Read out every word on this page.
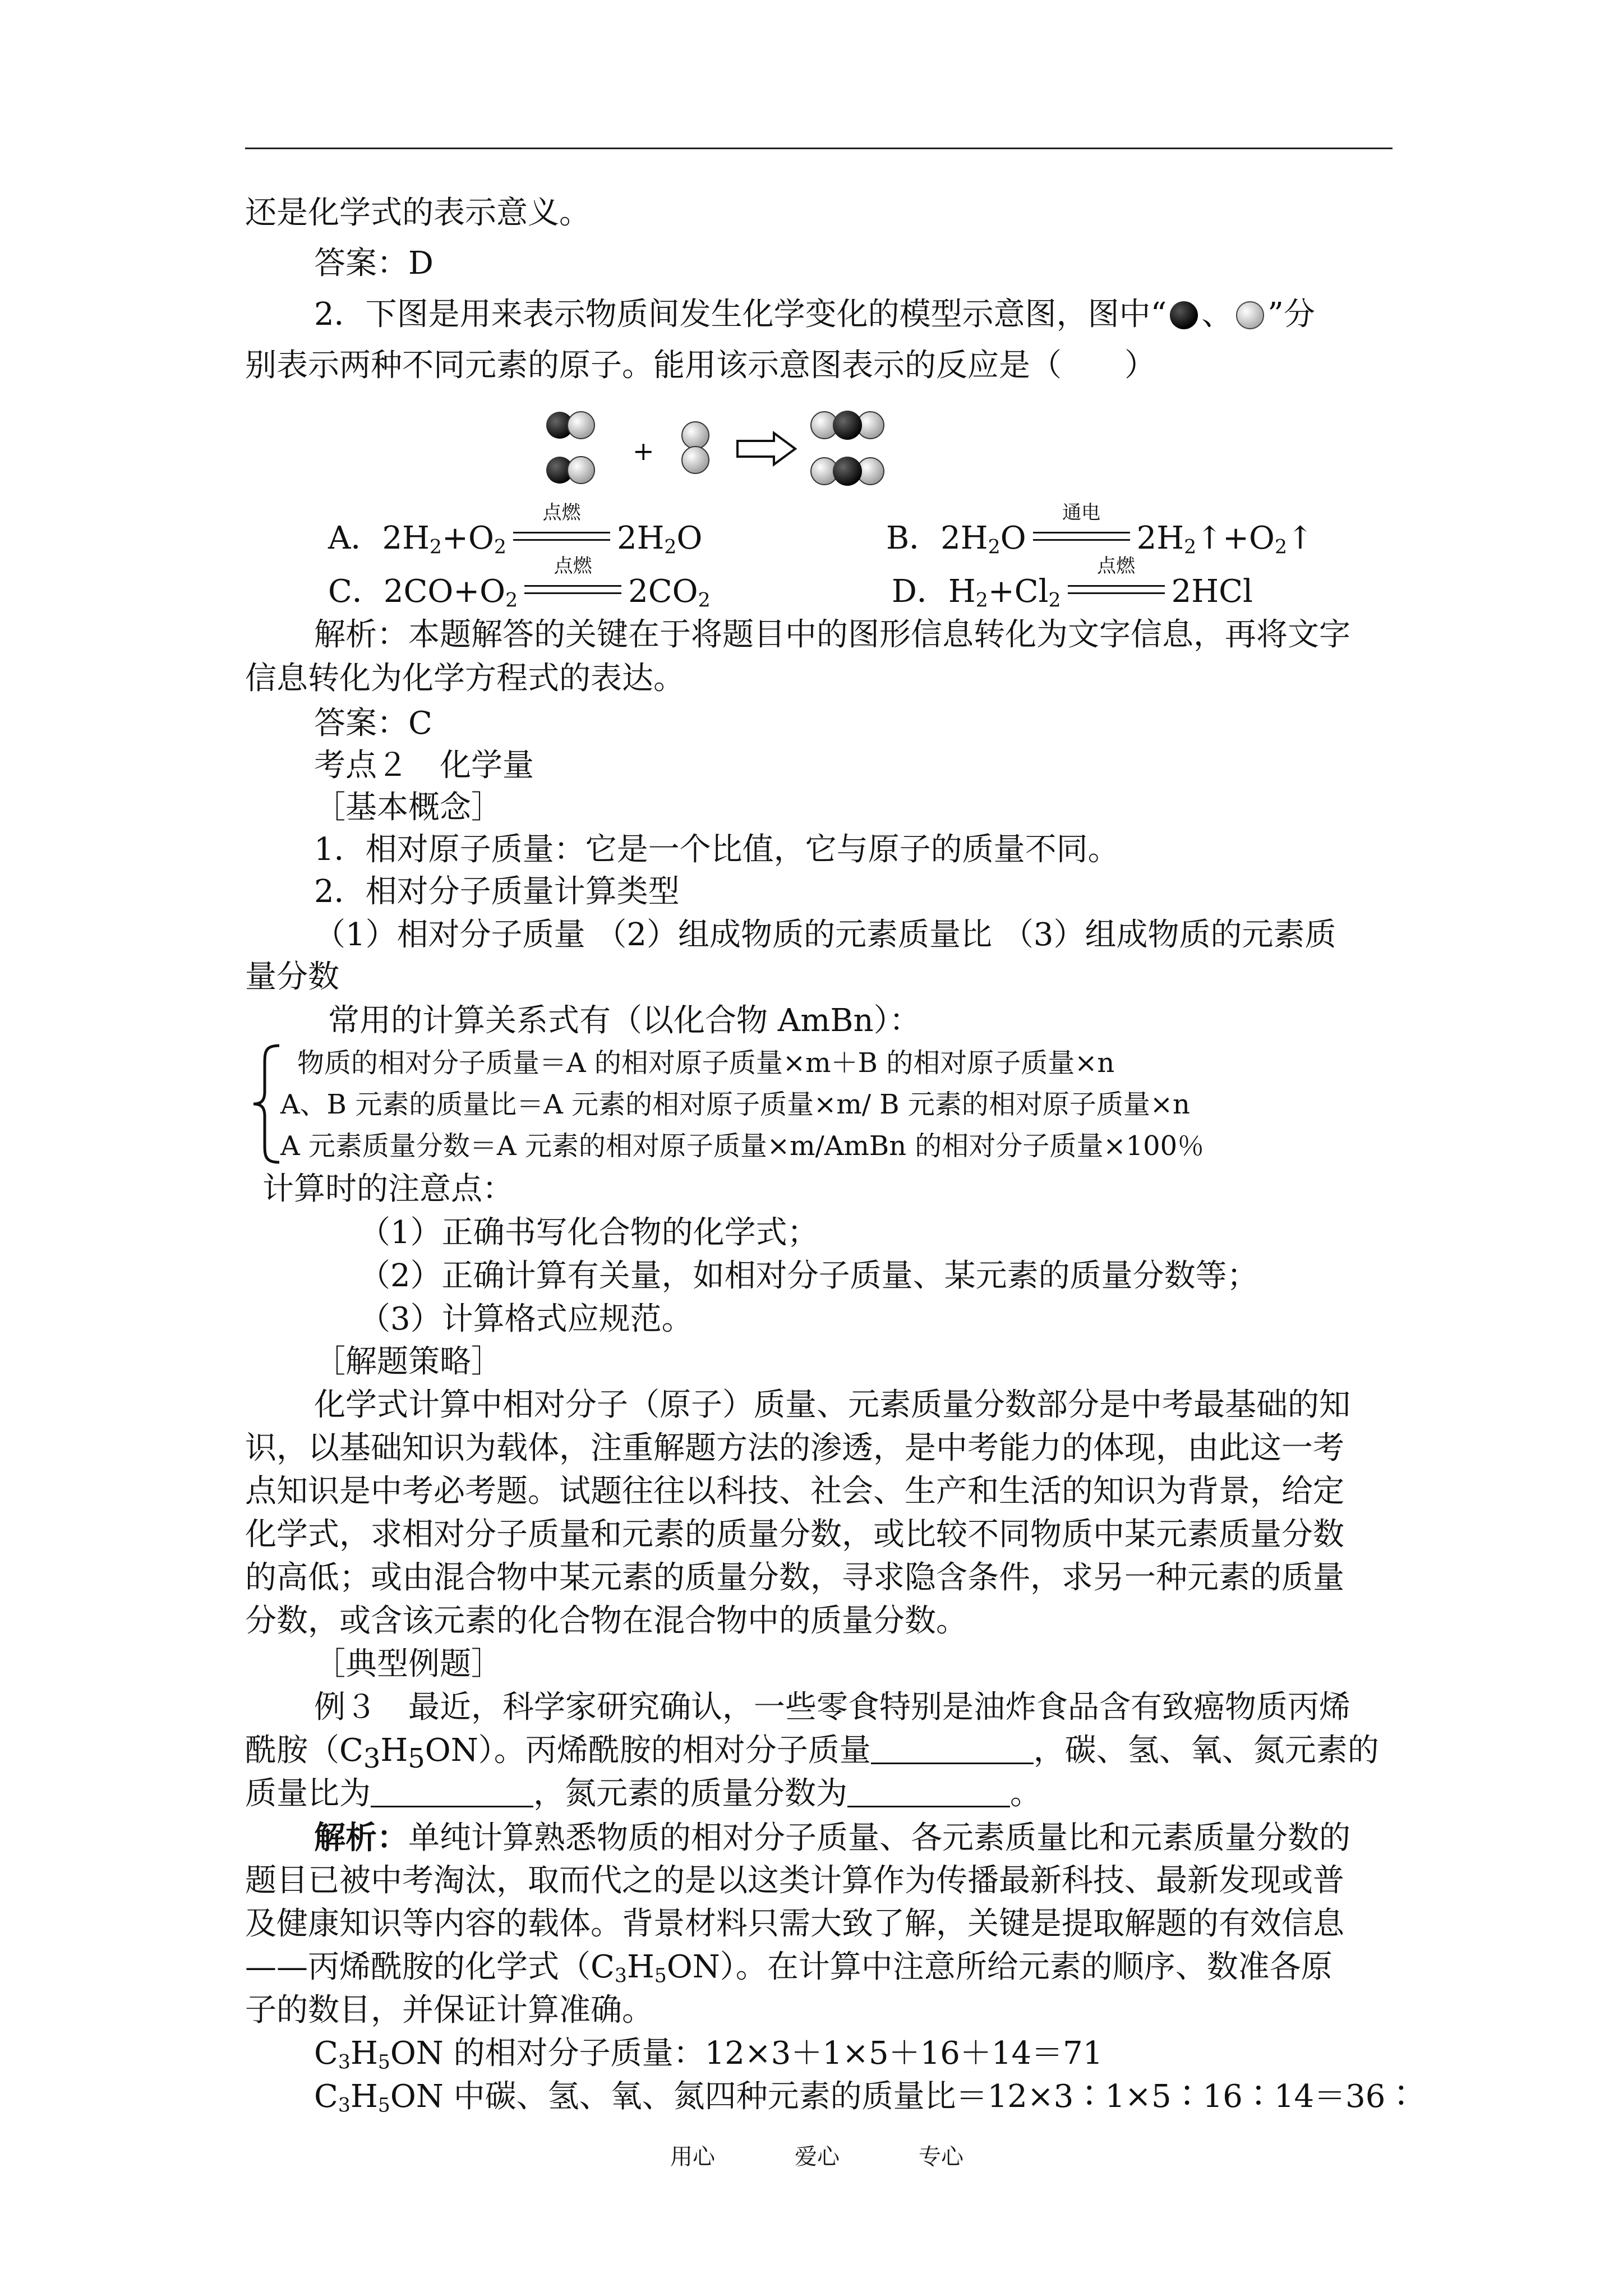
还是化学式的表示意义。
答案：D
2．下图是用来表示物质间发生化学变化的模型示意图，图中“ 、 ”分
别表示两种不同元素的原子。能用该示意图表示的反应是（　　）
+
A．$2H_2+O_2$
点燃
$2H_2O$	B．$2H_2O$
通电
$2H_2↑+O_2↑$
C．$2CO+O_2$
点燃
$2CO_2$	D．$H_2+Cl_2$
点燃
2HCl
解析：本题解答的关键在于将题目中的图形信息转化为文字信息，再将文字
信息转化为化学方程式的表达。
答案：C
考点２　化学量
［基本概念］
1．相对原子质量：它是一个比值，它与原子的质量不同。
2．相对分子质量计算类型
（1）相对分子质量 （2）组成物质的元素质量比 （3）组成物质的元素质
量分数
常用的计算关系式有（以化合物 AmBn）：
物质的相对分子质量＝A 的相对原子质量×m＋B 的相对原子质量×n
A、B 元素的质量比＝A 元素的相对原子质量×m/ B 元素的相对原子质量×n
A 元素质量分数＝A 元素的相对原子质量×m/AmBn 的相对分子质量×100％
计算时的注意点：
（1）正确书写化合物的化学式；
（2）正确计算有关量，如相对分子质量、某元素的质量分数等；
（3）计算格式应规范。
［解题策略］
化学式计算中相对分子（原子）质量、元素质量分数部分是中考最基础的知
识，以基础知识为载体，注重解题方法的渗透，是中考能力的体现，由此这一考
点知识是中考必考题。试题往往以科技、社会、生产和生活的知识为背景，给定
化学式，求相对分子质量和元素的质量分数，或比较不同物质中某元素质量分数
的高低；或由混合物中某元素的质量分数，寻求隐含条件，求另一种元素的质量
分数，或含该元素的化合物在混合物中的质量分数。
［典型例题］
例３　最近，科学家研究确认，一些零食特别是油炸食品含有致癌物质丙烯
酰胺$(C_3H_5ON)$。丙烯酰胺的相对分子质量	，碳、氢、氧、氮元素的
质量比为	，氮元素的质量分数为	。
解析：单纯计算熟悉物质的相对分子质量、各元素质量比和元素质量分数的
题目已被中考淘汰，取而代之的是以这类计算作为传播最新科技、最新发现或普
及健康知识等内容的载体。背景材料只需大致了解，关键是提取解题的有效信息
——丙烯酰胺的化学式$(C_3H_5ON)$。在计算中注意所给元素的顺序、数准各原
子的数目，并保证计算准确。
$C_3H_5ON$ 的相对分子质量：12×3＋1×5＋16＋14＝71
$C_3H_5ON$ 中碳、氢、氧、氮四种元素的质量比＝12×3∶1×5∶16∶14＝36∶
用心	爱心	专心
